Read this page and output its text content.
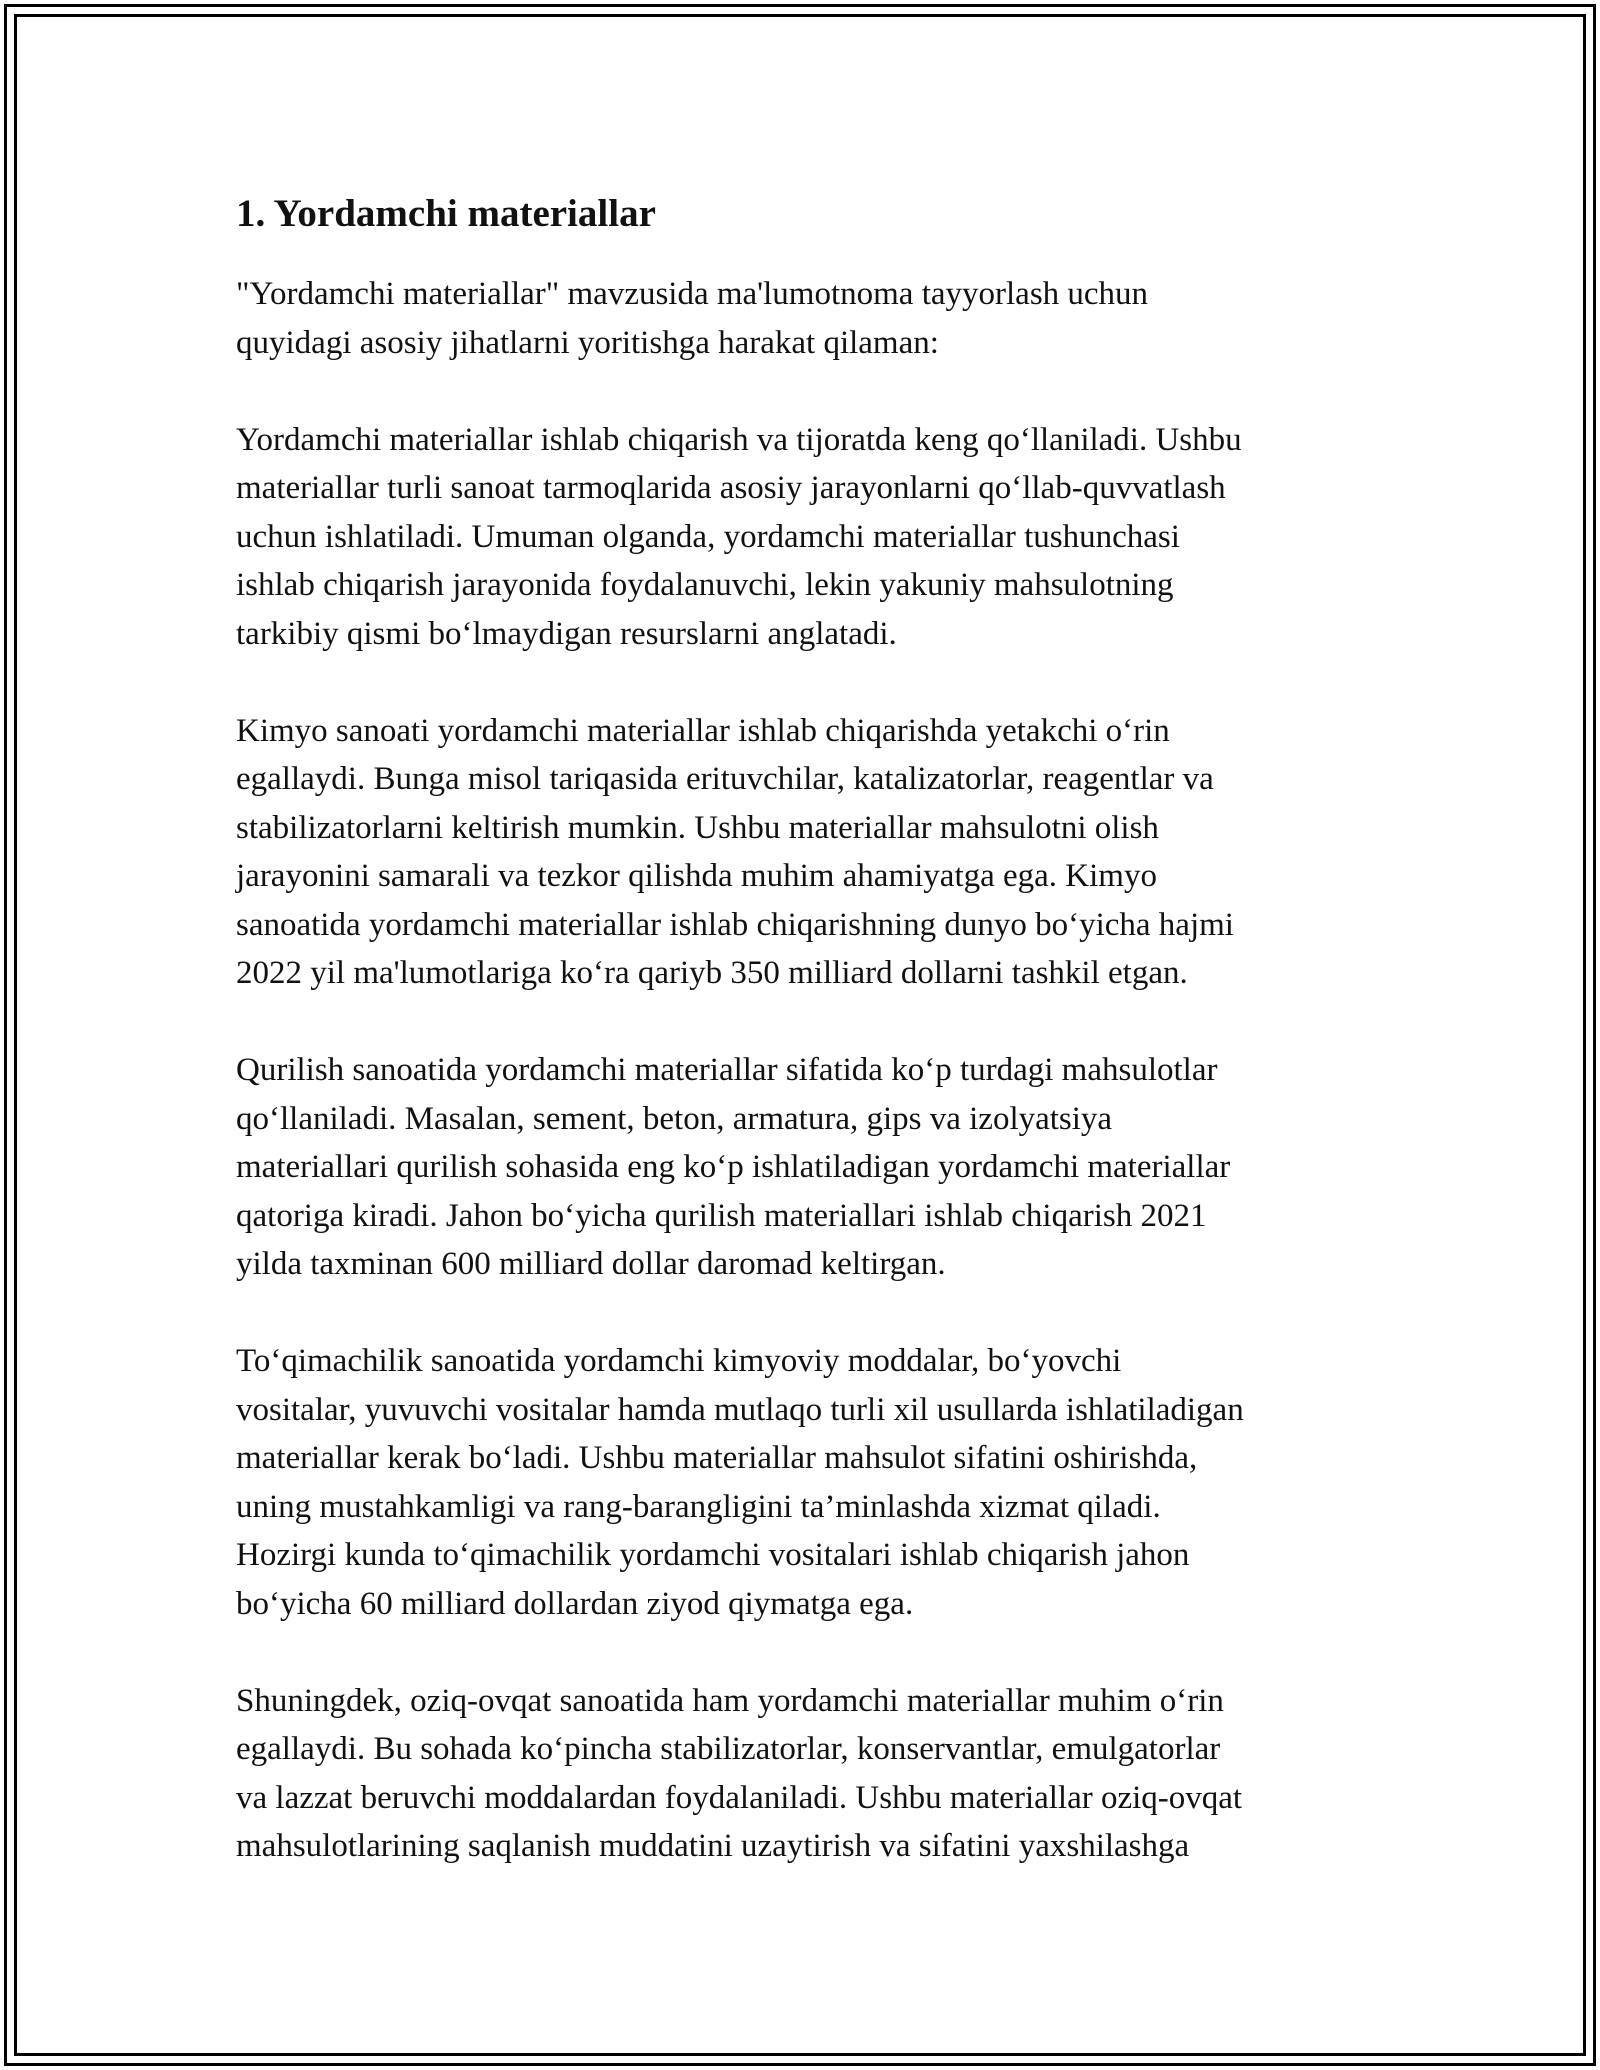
1. Yordamchi materiallar

"Yordamchi materiallar" mavzusida ma'lumotnoma tayyorlash uchun
quyidagi asosiy jihatlarni yoritishga harakat qilaman:

Yordamchi materiallar ishlab chiqarish va tijoratda keng qo‘llaniladi. Ushbu
materiallar turli sanoat tarmoqlarida asosiy jarayonlarni qo‘llab-quvvatlash
uchun ishlatiladi. Umuman olganda, yordamchi materiallar tushunchasi
ishlab chiqarish jarayonida foydalanuvchi, lekin yakuniy mahsulotning
tarkibiy qismi bo‘lmaydigan resurslarni anglatadi.

Kimyo sanoati yordamchi materiallar ishlab chiqarishda yetakchi o‘rin
egallaydi. Bunga misol tariqasida erituvchilar, katalizatorlar, reagentlar va
stabilizatorlarni keltirish mumkin. Ushbu materiallar mahsulotni olish
jarayonini samarali va tezkor qilishda muhim ahamiyatga ega. Kimyo
sanoatida yordamchi materiallar ishlab chiqarishning dunyo bo‘yicha hajmi
2022 yil ma'lumotlariga ko‘ra qariyb 350 milliard dollarni tashkil etgan.

Qurilish sanoatida yordamchi materiallar sifatida ko‘p turdagi mahsulotlar
qo‘llaniladi. Masalan, sement, beton, armatura, gips va izolyatsiya
materiallari qurilish sohasida eng ko‘p ishlatiladigan yordamchi materiallar
qatoriga kiradi. Jahon bo‘yicha qurilish materiallari ishlab chiqarish 2021
yilda taxminan 600 milliard dollar daromad keltirgan.

To‘qimachilik sanoatida yordamchi kimyoviy moddalar, bo‘yovchi
vositalar, yuvuvchi vositalar hamda mutlaqo turli xil usullarda ishlatiladigan
materiallar kerak bo‘ladi. Ushbu materiallar mahsulot sifatini oshirishda,
uning mustahkamligi va rang-barangligini ta’minlashda xizmat qiladi.
Hozirgi kunda to‘qimachilik yordamchi vositalari ishlab chiqarish jahon
bo‘yicha 60 milliard dollardan ziyod qiymatga ega.

Shuningdek, oziq-ovqat sanoatida ham yordamchi materiallar muhim o‘rin
egallaydi. Bu sohada ko‘pincha stabilizatorlar, konservantlar, emulgatorlar
va lazzat beruvchi moddalardan foydalaniladi. Ushbu materiallar oziq-ovqat
mahsulotlarining saqlanish muddatini uzaytirish va sifatini yaxshilashga
